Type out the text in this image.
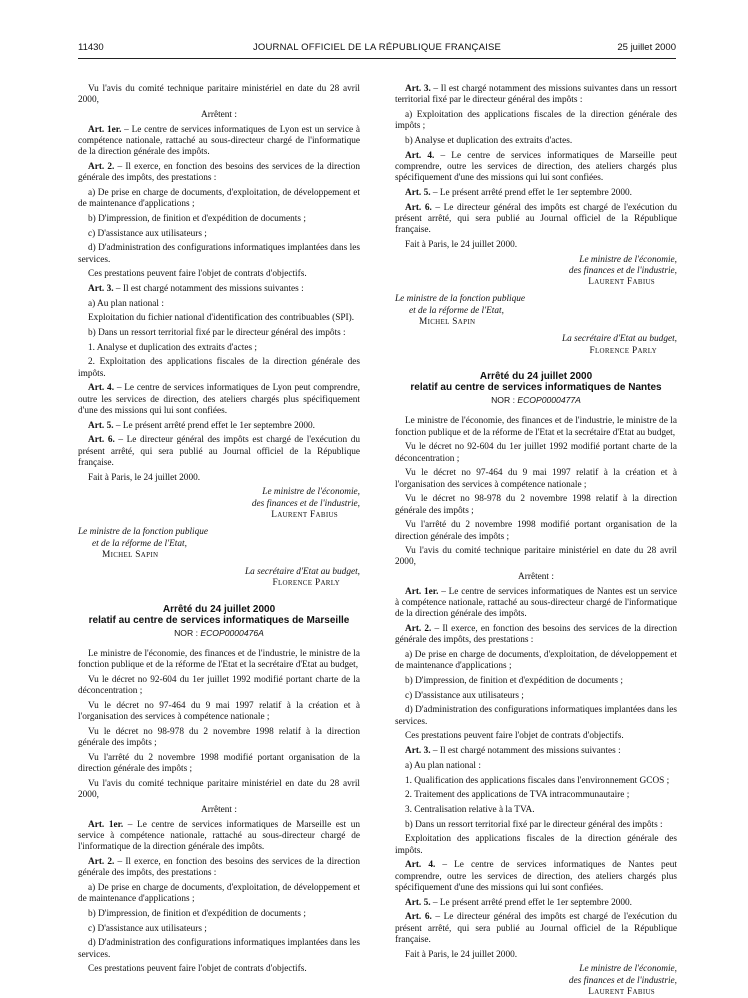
11430	JOURNAL OFFICIEL DE LA RÉPUBLIQUE FRANÇAISE	25 juillet 2000

Vu l'avis du comité technique paritaire ministériel en date du 28 avril 2000,

Arrêtent :

Art. 1er. – Le centre de services informatiques de Lyon est un service à compétence nationale, rattaché au sous-directeur chargé de l'informatique de la direction générale des impôts.

Art. 2. – Il exerce, en fonction des besoins des services de la direction générale des impôts, des prestations :

a) De prise en charge de documents, d'exploitation, de développement et de maintenance d'applications ;

b) D'impression, de finition et d'expédition de documents ;

c) D'assistance aux utilisateurs ;

d) D'administration des configurations informatiques implantées dans les services.

Ces prestations peuvent faire l'objet de contrats d'objectifs.

Art. 3. – Il est chargé notamment des missions suivantes :

a) Au plan national :

Exploitation du fichier national d'identification des contribuables (SPI).

b) Dans un ressort territorial fixé par le directeur général des impôts :

1. Analyse et duplication des extraits d'actes ;

2. Exploitation des applications fiscales de la direction générale des impôts.

Art. 4. – Le centre de services informatiques de Lyon peut comprendre, outre les services de direction, des ateliers chargés plus spécifiquement d'une des missions qui lui sont confiées.

Art. 5. – Le présent arrêté prend effet le 1er septembre 2000.

Art. 6. – Le directeur général des impôts est chargé de l'exécution du présent arrêté, qui sera publié au Journal officiel de la République française.

Fait à Paris, le 24 juillet 2000.

Le ministre de l'économie,
des finances et de l'industrie,
Laurent Fabius
Le ministre de la fonction publique
et de la réforme de l'Etat,
Michel Sapin
La secrétaire d'Etat au budget,
Florence Parly
Arrêté du 24 juillet 2000
relatif au centre de services informatiques de Marseille
NOR : ECOP0000476A

Le ministre de l'économie, des finances et de l'industrie, le ministre de la fonction publique et de la réforme de l'Etat et la secrétaire d'Etat au budget,

Vu le décret no 92-604 du 1er juillet 1992 modifié portant charte de la déconcentration ;

Vu le décret no 97-464 du 9 mai 1997 relatif à la création et à l'organisation des services à compétence nationale ;

Vu le décret no 98-978 du 2 novembre 1998 relatif à la direction générale des impôts ;

Vu l'arrêté du 2 novembre 1998 modifié portant organisation de la direction générale des impôts ;

Vu l'avis du comité technique paritaire ministériel en date du 28 avril 2000,

Arrêtent :

Art. 1er. – Le centre de services informatiques de Marseille est un service à compétence nationale, rattaché au sous-directeur chargé de l'informatique de la direction générale des impôts.

Art. 2. – Il exerce, en fonction des besoins des services de la direction générale des impôts, des prestations :

a) De prise en charge de documents, d'exploitation, de développement et de maintenance d'applications ;

b) D'impression, de finition et d'expédition de documents ;

c) D'assistance aux utilisateurs ;

d) D'administration des configurations informatiques implantées dans les services.

Ces prestations peuvent faire l'objet de contrats d'objectifs.

Art. 3. – Il est chargé notamment des missions suivantes dans un ressort territorial fixé par le directeur général des impôts :

a) Exploitation des applications fiscales de la direction générale des impôts ;

b) Analyse et duplication des extraits d'actes.

Art. 4. – Le centre de services informatiques de Marseille peut comprendre, outre les services de direction, des ateliers chargés plus spécifiquement d'une des missions qui lui sont confiées.

Art. 5. – Le présent arrêté prend effet le 1er septembre 2000.

Art. 6. – Le directeur général des impôts est chargé de l'exécution du présent arrêté, qui sera publié au Journal officiel de la République française.

Fait à Paris, le 24 juillet 2000.

Le ministre de l'économie,
des finances et de l'industrie,
Laurent Fabius
Le ministre de la fonction publique
et de la réforme de l'Etat,
Michel Sapin
La secrétaire d'Etat au budget,
Florence Parly
Arrêté du 24 juillet 2000
relatif au centre de services informatiques de Nantes
NOR : ECOP0000477A

Le ministre de l'économie, des finances et de l'industrie, le ministre de la fonction publique et de la réforme de l'Etat et la secrétaire d'Etat au budget,

Vu le décret no 92-604 du 1er juillet 1992 modifié portant charte de la déconcentration ;

Vu le décret no 97-464 du 9 mai 1997 relatif à la création et à l'organisation des services à compétence nationale ;

Vu le décret no 98-978 du 2 novembre 1998 relatif à la direction générale des impôts ;

Vu l'arrêté du 2 novembre 1998 modifié portant organisation de la direction générale des impôts ;

Vu l'avis du comité technique paritaire ministériel en date du 28 avril 2000,

Arrêtent :

Art. 1er. – Le centre de services informatiques de Nantes est un service à compétence nationale, rattaché au sous-directeur chargé de l'informatique de la direction générale des impôts.

Art. 2. – Il exerce, en fonction des besoins des services de la direction générale des impôts, des prestations :

a) De prise en charge de documents, d'exploitation, de développement et de maintenance d'applications ;

b) D'impression, de finition et d'expédition de documents ;

c) D'assistance aux utilisateurs ;

d) D'administration des configurations informatiques implantées dans les services.

Ces prestations peuvent faire l'objet de contrats d'objectifs.

Art. 3. – Il est chargé notamment des missions suivantes :

a) Au plan national :

1. Qualification des applications fiscales dans l'environnement GCOS ;

2. Traitement des applications de TVA intracommunautaire ;

3. Centralisation relative à la TVA.

b) Dans un ressort territorial fixé par le directeur général des impôts :

Exploitation des applications fiscales de la direction générale des impôts.

Art. 4. – Le centre de services informatiques de Nantes peut comprendre, outre les services de direction, des ateliers chargés plus spécifiquement d'une des missions qui lui sont confiées.

Art. 5. – Le présent arrêté prend effet le 1er septembre 2000.

Art. 6. – Le directeur général des impôts est chargé de l'exécution du présent arrêté, qui sera publié au Journal officiel de la République française.

Fait à Paris, le 24 juillet 2000.

Le ministre de l'économie,
des finances et de l'industrie,
Laurent Fabius
